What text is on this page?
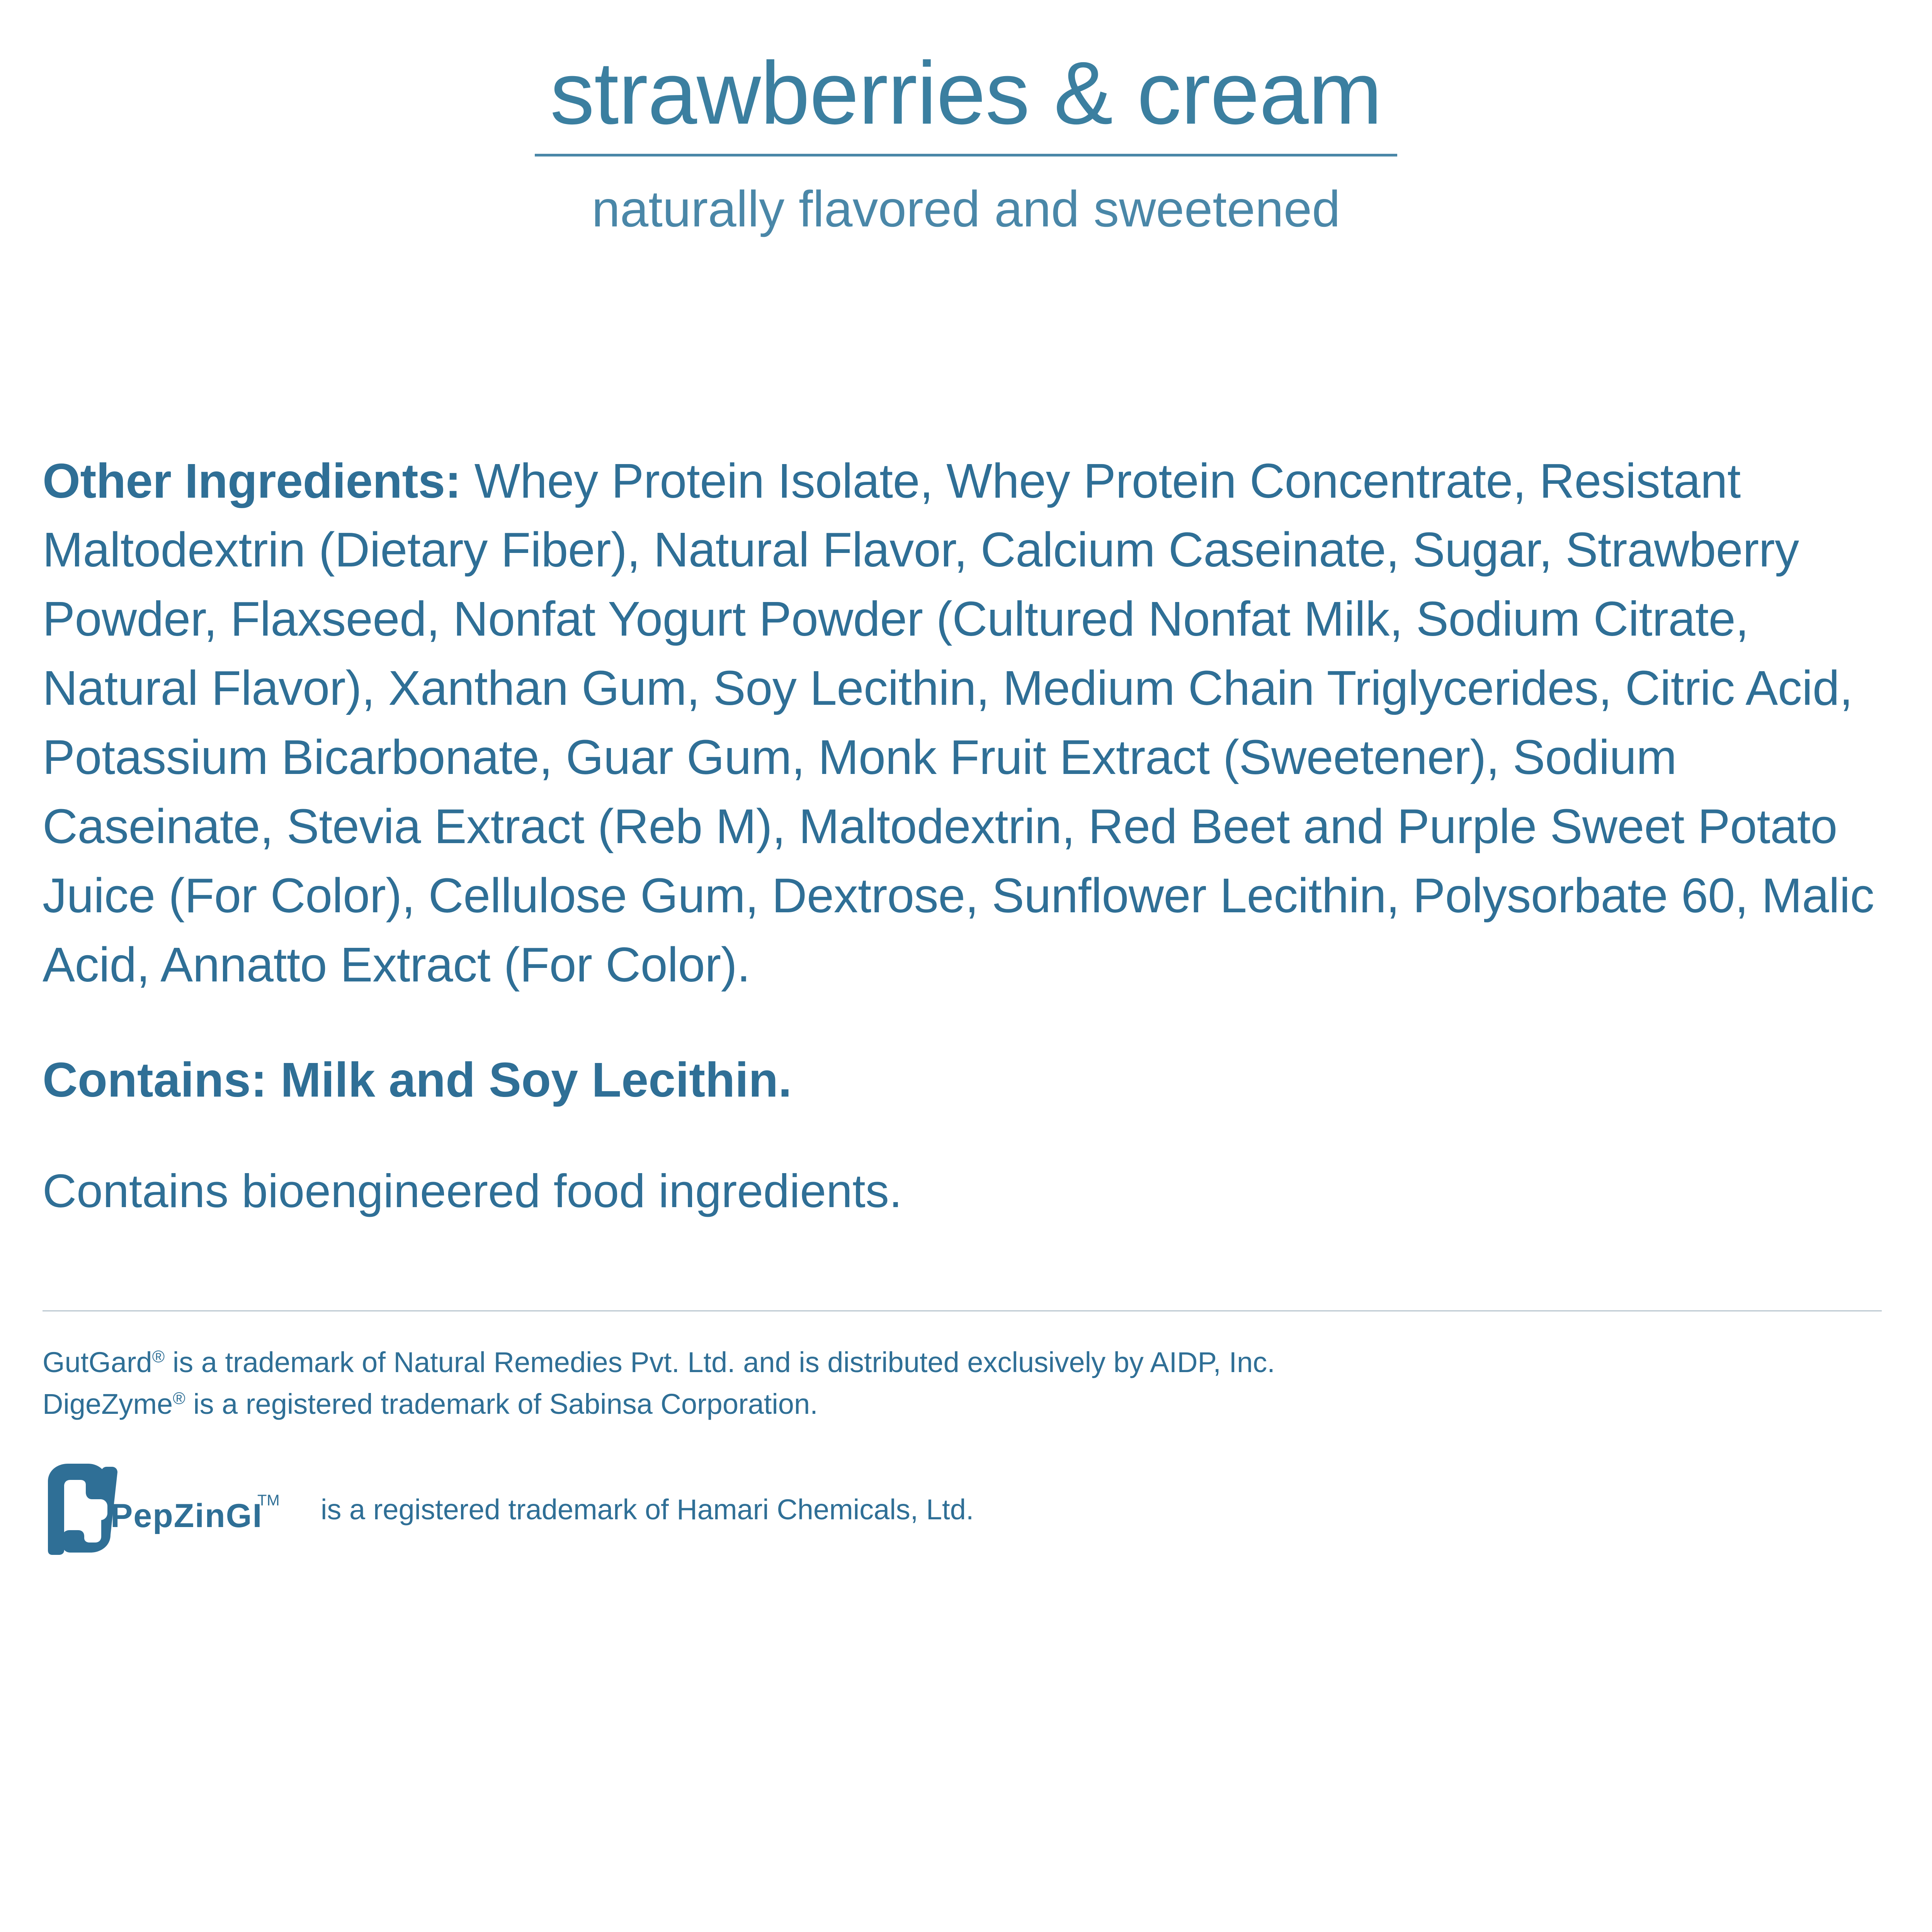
strawberries & cream
naturally flavored and sweetened

Other Ingredients: Whey Protein Isolate, Whey Protein Concentrate, Resistant Maltodextrin (Dietary Fiber), Natural Flavor, Calcium Caseinate, Sugar, Strawberry Powder, Flaxseed, Nonfat Yogurt Powder (Cultured Nonfat Milk, Sodium Citrate, Natural Flavor), Xanthan Gum, Soy Lecithin, Medium Chain Triglycerides, Citric Acid, Potassium Bicarbonate, Guar Gum, Monk Fruit Extract (Sweetener), Sodium Caseinate, Stevia Extract (Reb M), Maltodextrin, Red Beet and Purple Sweet Potato Juice (For Color), Cellulose Gum, Dextrose, Sunflower Lecithin, Polysorbate 60, Malic Acid, Annatto Extract (For Color).

Contains: Milk and Soy Lecithin.

Contains bioengineered food ingredients.

GutGard® is a trademark of Natural Remedies Pvt. Ltd. and is distributed exclusively by AIDP, Inc.
DigeZyme® is a registered trademark of Sabinsa Corporation.
PepZinGI
TM is a registered trademark of Hamari Chemicals, Ltd.
